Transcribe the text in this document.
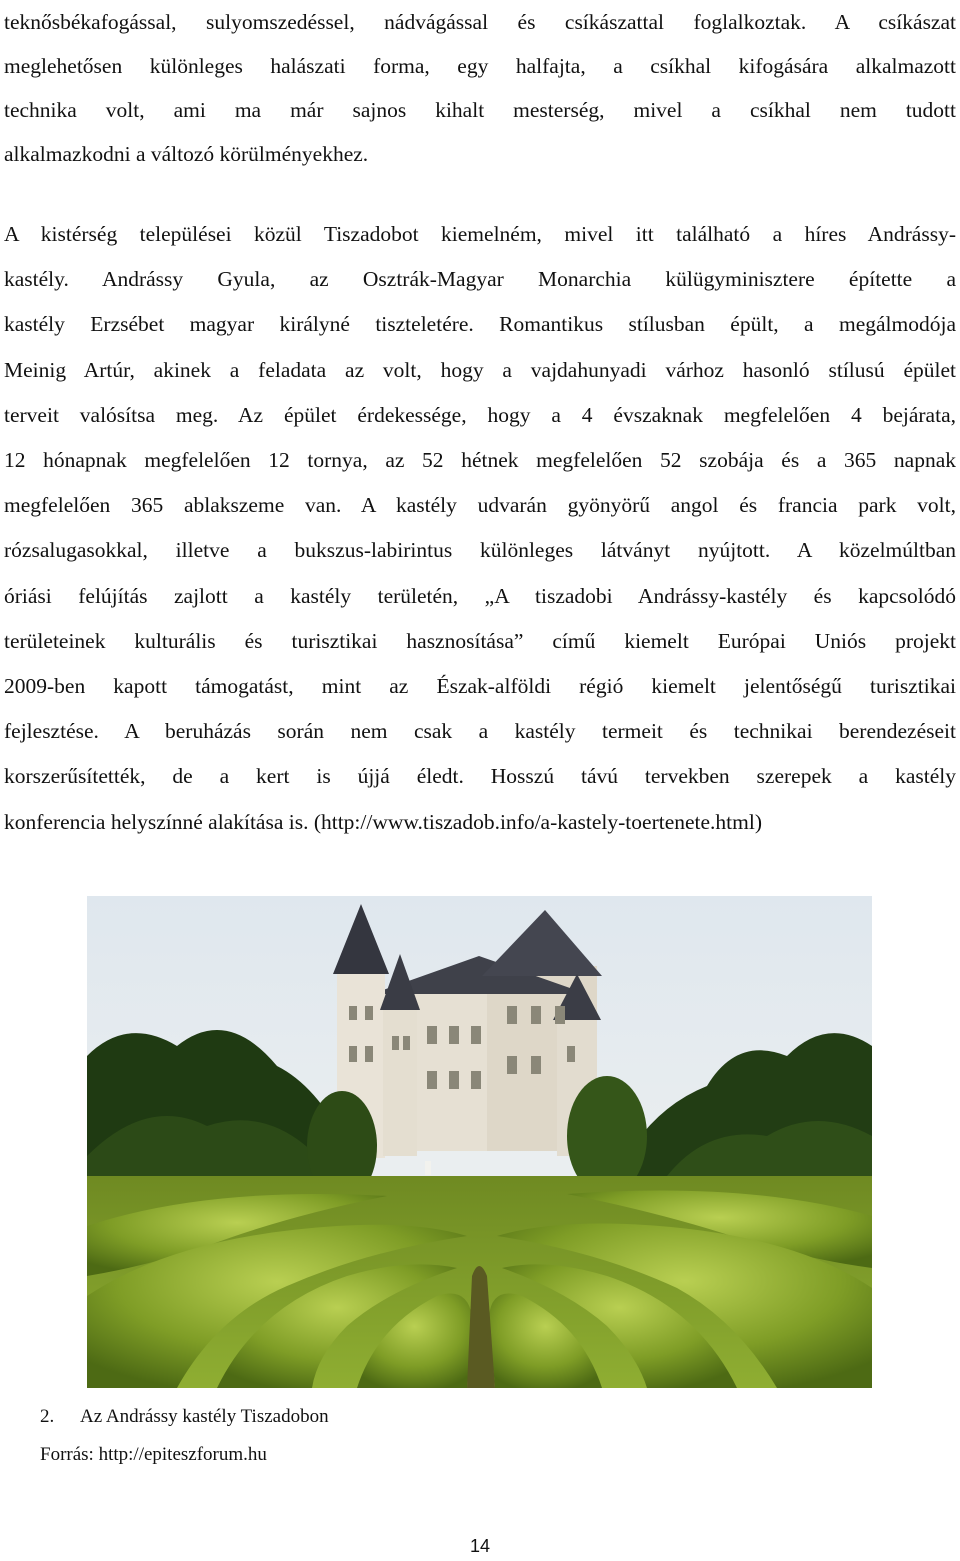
teknősbékafogással, sulyomszedéssel, nádvágással és csíkászattal foglalkoztak. A csíkászat
meglehetősen különleges halászati forma, egy halfajta, a csíkhal kifogására alkalmazott
technika volt, ami ma már sajnos kihalt mesterség, mivel a csíkhal nem tudott
alkalmazkodni a változó körülményekhez.
A kistérség települései közül Tiszadobot kiemelném, mivel itt található a híres Andrássy-
kastély. Andrássy Gyula, az Osztrák-Magyar Monarchia külügyminisztere építette a
kastély Erzsébet magyar királyné tiszteletére. Romantikus stílusban épült, a megálmodója
Meinig Artúr, akinek a feladata az volt, hogy a vajdahunyadi várhoz hasonló stílusú épület
terveit valósítsa meg. Az épület érdekessége, hogy a 4 évszaknak megfelelően 4 bejárata,
12 hónapnak megfelelően 12 tornya, az 52 hétnek megfelelően 52 szobája és a 365 napnak
megfelelően 365 ablakszeme van. A kastély udvarán gyönyörű angol és francia park volt,
rózsalugasokkal, illetve a bukszus-labirintus különleges látványt nyújtott. A közelmúltban
óriási felújítás zajlott a kastély területén, „A tiszadobi Andrássy-kastély és kapcsolódó
területeinek kulturális és turisztikai hasznosítása” című kiemelt Európai Uniós projekt
2009-ben kapott támogatást, mint az Észak-alföldi régió kiemelt jelentőségű turisztikai
fejlesztése. A beruházás során nem csak a kastély termeit és technikai berendezéseit
korszerűsítették, de a kert is újjá éledt. Hosszú távú tervekben szerepek a kastély
konferencia helyszínné alakítása is. (http://www.tiszadob.info/a-kastely-toertenete.html)
2. Az Andrássy kastély Tiszadobon
Forrás: http://epiteszforum.hu
14
